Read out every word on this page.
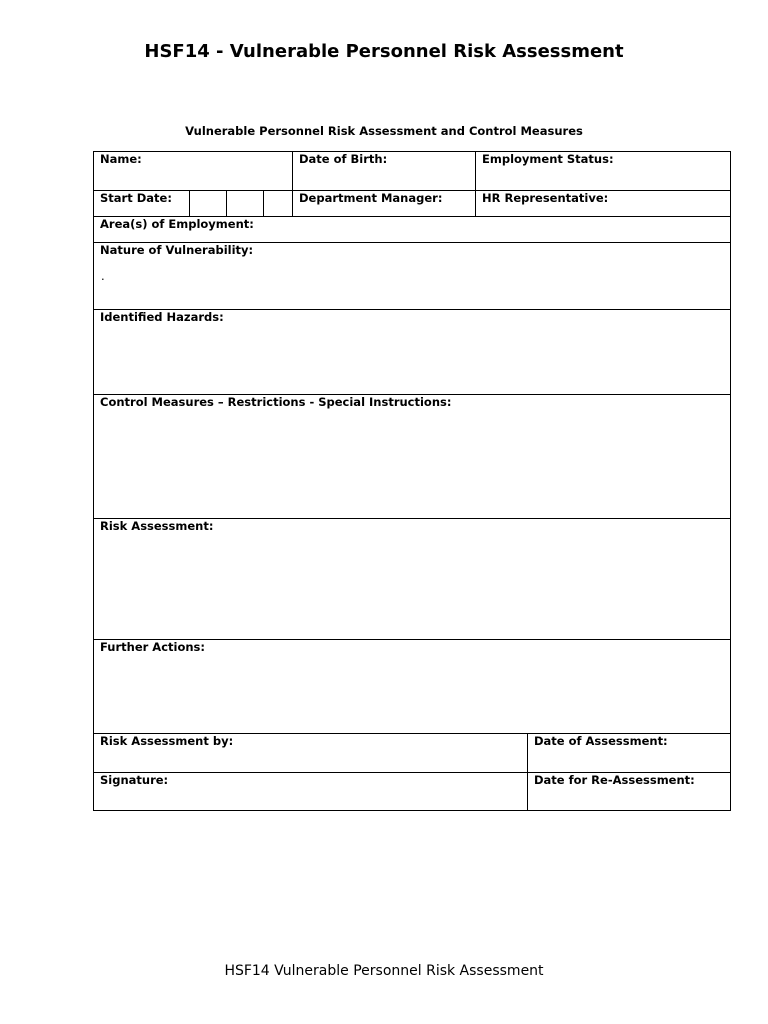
HSF14 - Vulnerable Personnel Risk Assessment
Vulnerable Personnel Risk Assessment and Control Measures
Name:	Date of Birth:	Employment Status:
Start Date:	Department Manager:	HR Representative:
Area(s) of Employment:
Nature of Vulnerability:
.
Identified Hazards:
Control Measures – Restrictions - Special Instructions:
Risk Assessment:
Further Actions:
Risk Assessment by:	Date of Assessment:
Signature:	Date for Re-Assessment:
HSF14 Vulnerable Personnel Risk Assessment
